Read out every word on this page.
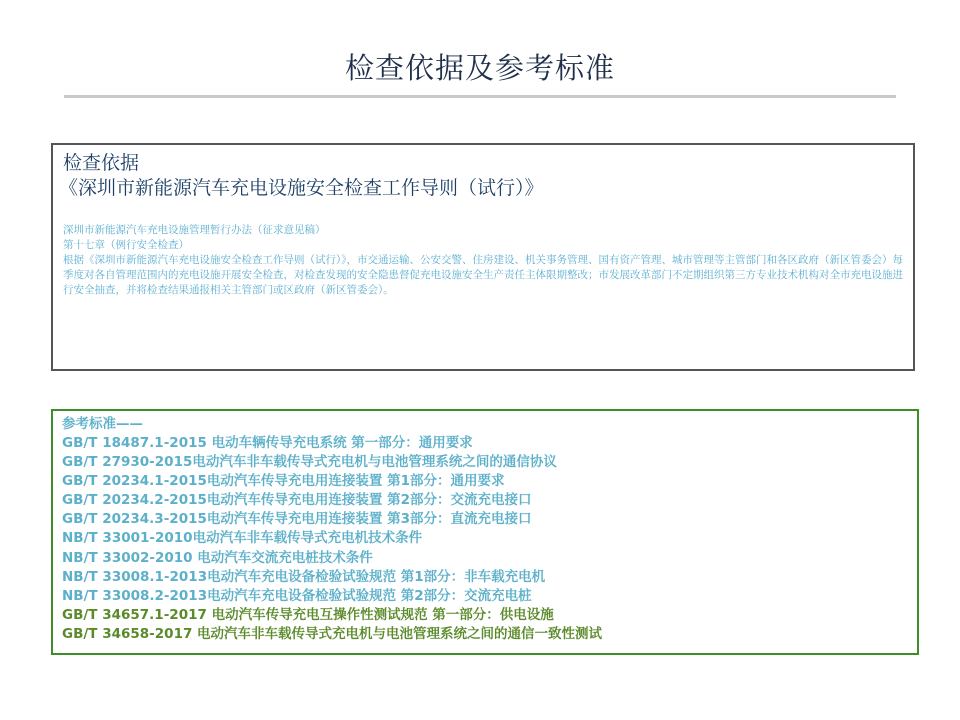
检查依据及参考标准

检查依据

《深圳市新能源汽车充电设施安全检查工作导则（试行）》

深圳市新能源汽车充电设施管理暂行办法（征求意见稿）

第十七章（例行安全检查）

根据《深圳市新能源汽车充电设施安全检查工作导则（试行）》，市交通运输、公安交警、住房建设、机关事务管理、国有资产管理、城市管理等主管部门和各区政府（新区管委会）每季度对各自管理范围内的充电设施开展安全检查，对检查发现的安全隐患督促充电设施安全生产责任主体限期整改；市发展改革部门不定期组织第三方专业技术机构对全市充电设施进行安全抽查，并将检查结果通报相关主管部门或区政府（新区管委会）。

参考标准——

GB/T 18487.1-2015 电动车辆传导充电系统 第一部分：通用要求
GB/T 27930-2015电动汽车非车载传导式充电机与电池管理系统之间的通信协议
GB/T 20234.1-2015电动汽车传导充电用连接装置 第1部分：通用要求
GB/T 20234.2-2015电动汽车传导充电用连接装置 第2部分：交流充电接口
GB/T 20234.3-2015电动汽车传导充电用连接装置 第3部分：直流充电接口
NB/T 33001-2010电动汽车非车载传导式充电机技术条件
NB/T 33002-2010 电动汽车交流充电桩技术条件
NB/T 33008.1-2013电动汽车充电设备检验试验规范 第1部分：非车载充电机
NB/T 33008.2-2013电动汽车充电设备检验试验规范 第2部分：交流充电桩
GB/T 34657.1-2017 电动汽车传导充电互操作性测试规范 第一部分：供电设施
GB/T 34658-2017 电动汽车非车载传导式充电机与电池管理系统之间的通信一致性测试
